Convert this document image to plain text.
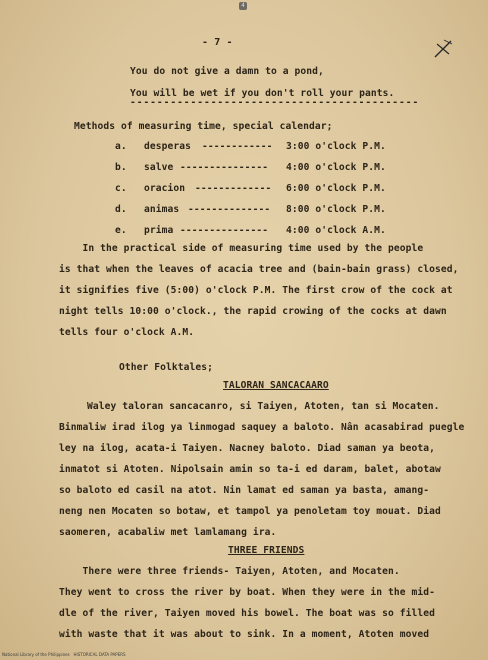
4
- 7 -
You do not give a damn to a pond,
You will be wet if you don't roll your pants.
-------------------------------------------
Methods of measuring time, special calendar;
a. desperas ------------ 3:00 o'clock P.M.
b. salve --------------- 4:00 o'clock P.M.
c. oracion ------------- 6:00 o'clock P.M.
d. animas -------------- 8:00 o'clock P.M.
e. prima --------------- 4:00 o'clock A.M.
In the practical side of measuring time used by the people
is that when the leaves of acacia tree and (bain-bain grass) closed,
it signifies five (5:00) o'clock P.M. The first crow of the cock at
night tells 10:00 o'clock., the rapid crowing of the cocks at dawn
tells four o'clock A.M.
Other Folktales;
TALORAN SANCACAARO
Waley taloran sancacanro, si Taiyen, Atoten, tan si Mocaten.
Binmaliw irad ilog ya linmogad saquey a baloto. Nân acasabirad puegle
ley na ilog, acata-i Taiyen. Nacney baloto. Diad saman ya beota,
inmatot si Atoten. Nipolsain amin so ta-i ed daram, balet, abotaw
so baloto ed casil na atot. Nin lamat ed saman ya basta, amang-
neng nen Mocaten so botaw, et tampol ya penoletam toy mouat. Diad
saomeren, acabaliw met lamlamang ira.
THREE FRIENDS
There were three friends- Taiyen, Atoten, and Mocaten.
They went to cross the river by boat. When they were in the mid-
dle of the river, Taiyen moved his bowel. The boat was so filled
with waste that it was about to sink. In a moment, Atoten moved
National Library of the Philippines   HISTORICAL DATA PAPERS
